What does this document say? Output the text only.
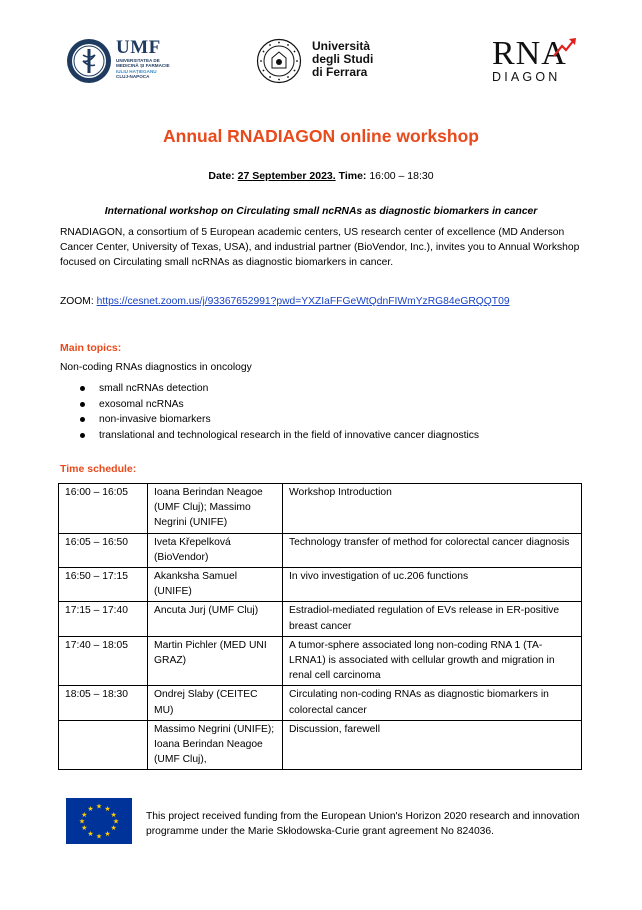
UMF
UNIVERSITATEA DE
MEDICINĂ ȘI FARMACIE
IULIU HAȚIEGANU
CLUJ-NAPOCA
Università
degli Studi
di Ferrara	RNA
DIAGON
Annual RNADIAGON online workshop
Date: 27 September 2023. Time: 16:00 – 18:30
International workshop on Circulating small ncRNAs as diagnostic biomarkers in cancer
RNADIAGON, a consortium of 5 European academic centers, US research center of excellence (MD Anderson Cancer Center, University of Texas, USA), and industrial partner (BioVendor, Inc.), invites you to Annual Workshop focused on Circulating small ncRNAs as diagnostic biomarkers in cancer.
ZOOM: https://cesnet.zoom.us/j/93367652991?pwd=YXZIaFFGeWtQdnFIWmYzRG84eGRQQT09
Main topics:
Non-coding RNAs diagnostics in oncology
small ncRNAs detection
exosomal ncRNAs
non-invasive biomarkers
translational and technological research in the field of innovative cancer diagnostics
Time schedule:
16:00 – 16:05	Ioana Berindan Neagoe (UMF Cluj); Massimo Negrini (UNIFE)	Workshop Introduction
16:05 – 16:50	Iveta Křepelková (BioVendor)	Technology transfer of method for colorectal cancer diagnosis
16:50 – 17:15	Akanksha Samuel (UNIFE)	In vivo investigation of uc.206 functions
17:15 – 17:40	Ancuta Jurj (UMF Cluj)	Estradiol-mediated regulation of EVs release in ER-positive breast cancer
17:40 – 18:05	Martin Pichler (MED UNI GRAZ)	A tumor-sphere associated long non-coding RNA 1 (TA-LRNA1) is associated with cellular growth and migration in renal cell carcinoma
18:05 – 18:30	Ondrej Slaby (CEITEC MU)	Circulating non-coding RNAs as diagnostic biomarkers in colorectal cancer
	Massimo Negrini (UNIFE); Ioana Berindan Neagoe (UMF Cluj),	Discussion, farewell
★ ★
★
★
★
★
★
★
★
★
★
★
This project received funding from the European Union's Horizon 2020 research and innovation programme under the Marie Skłodowska-Curie grant agreement No 824036.
